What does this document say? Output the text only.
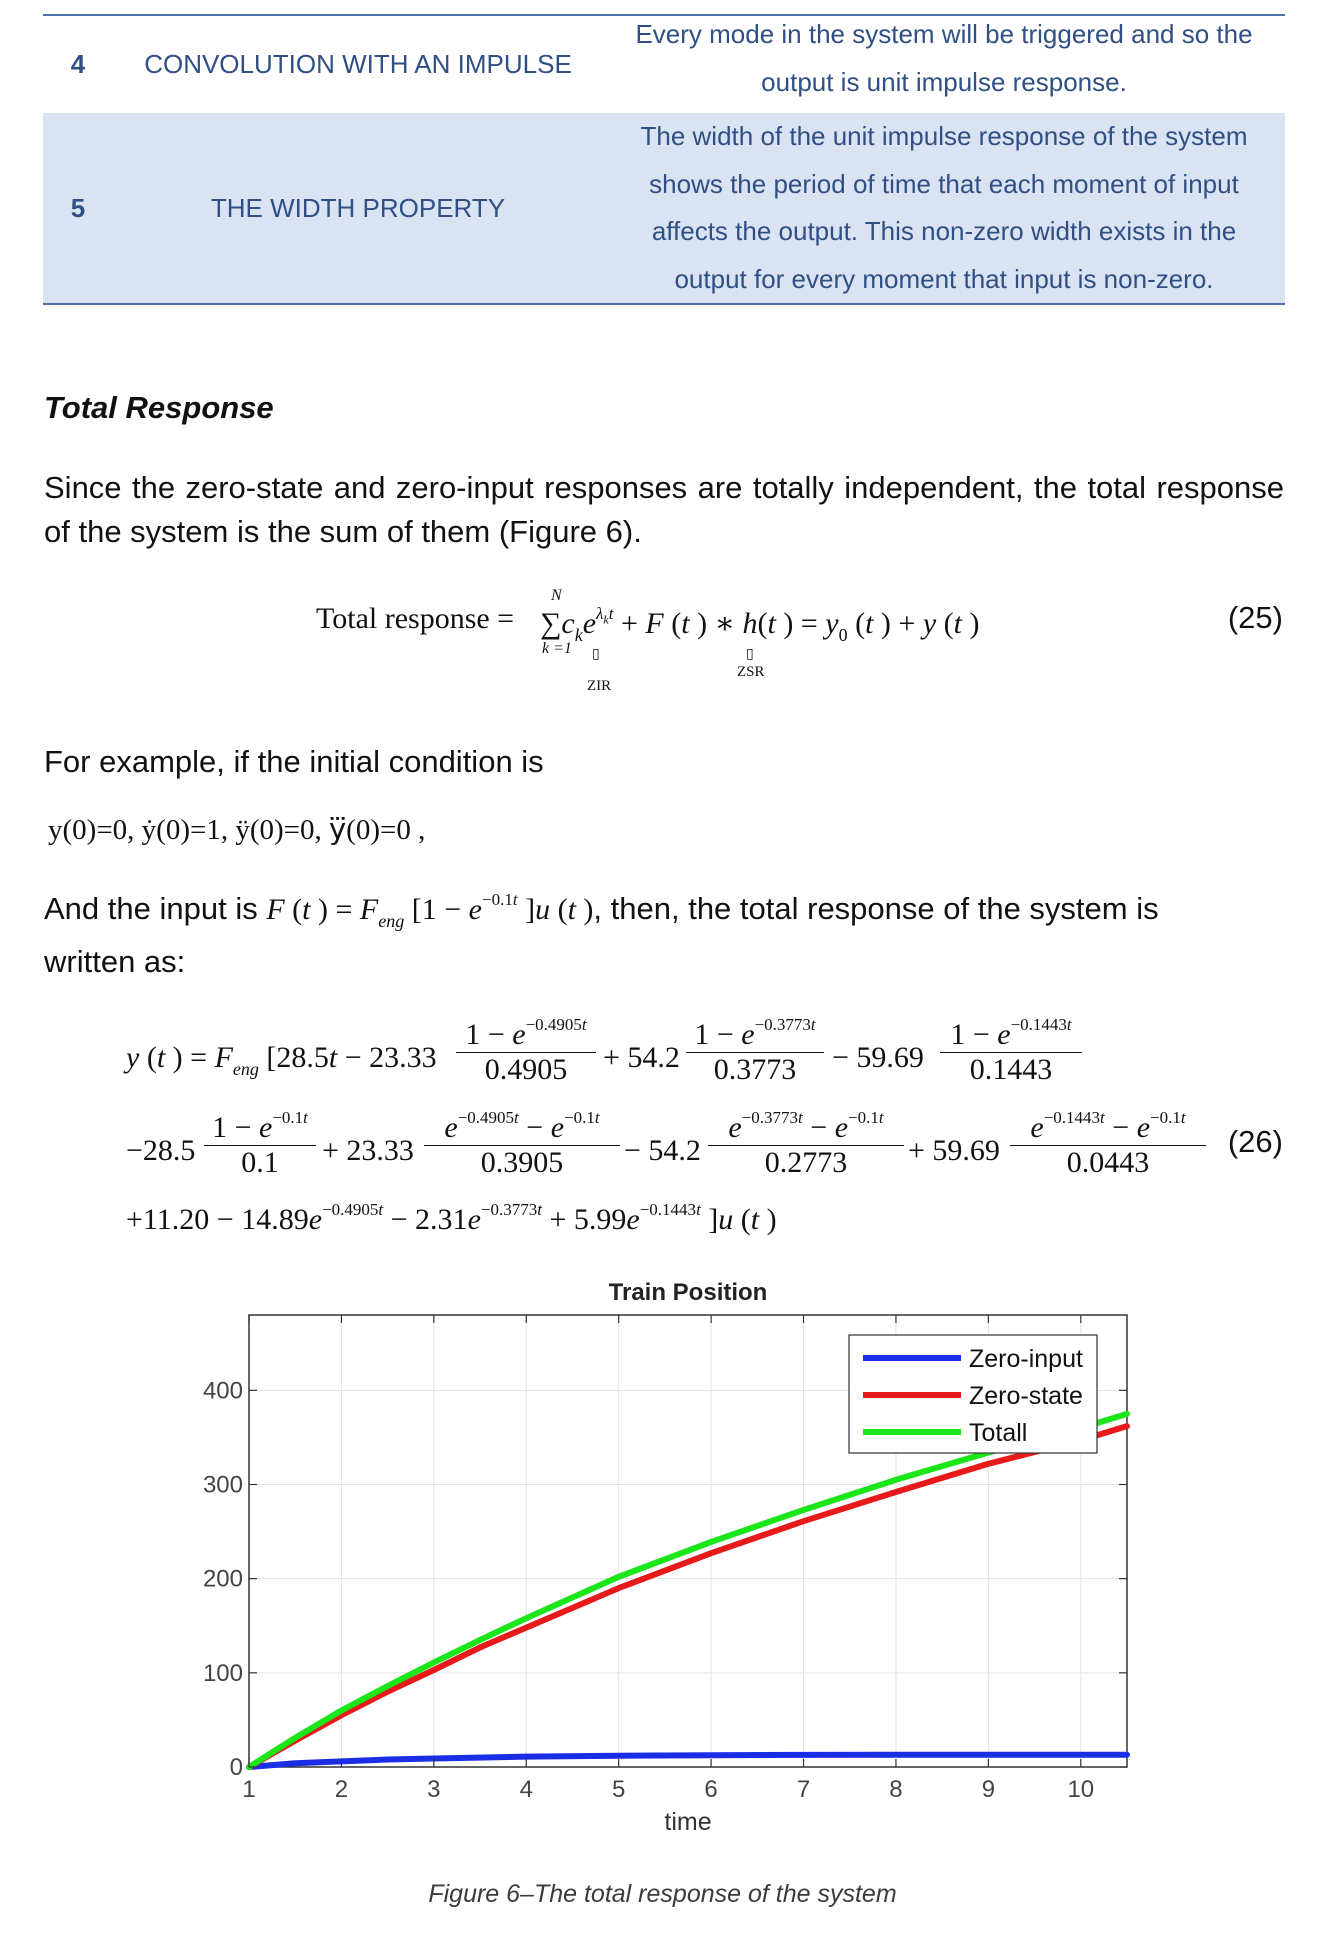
4	CONVOLUTION WITH AN IMPULSE
Every mode in the system will be triggered and so the
output is unit impulse response.
5	THE WIDTH PROPERTY
The width of the unit impulse response of the system
shows the period of time that each moment of input
affects the output. This non-zero width exists in the
output for every moment that input is non-zero.
Total Response
Since the zero-state and zero-input responses are totally independent, the total response of the system is the sum of them (Figure 6).
Total response =
N
k =1
$\sum c_ke^{\lambda_kt} + F$ (t ) ∗ h(t ) = $y_0$ (t ) + y (t )
▯
ZIR
▯
ZSR
(25)
For example, if the initial condition is
y(0)=0, ẏ(0)=1, ÿ(0)=0, y⃛(0)=0 ,
And the input is F (t ) = $F_{eng}$ [$1 - e^{-0.1t}$ ]u (t ), then, the total response of the system is
written as:
y (t ) = $F_{eng}$ [$28.5t - 23.33 \frac{1 - e^{-0.4905t}}{0.4905} + 54.2 \frac{1 - e^{-0.3773t}}{0.3773} - 59.69 \frac{1 - e^{-0.1443t}}{0.1443}$
$-28.5 \frac{1 - e^{-0.1t}}{0.1} + 23.33 \frac{e^{-0.4905t} - e^{-0.1t}}{0.3905} - 54.2 \frac{e^{-0.3773t} - e^{-0.1t}}{0.2773} + 59.69 \frac{e^{-0.1443t} - e^{-0.1t}}{0.0443}$
$+11.20 - 14.89e^{-0.4905t} - 2.31e^{-0.3773t} + 5.99e^{-0.1443t}$ ]u (t )
(26)
Train Position
1	2	3	4	5	6	7	8	9	10
0
100
200
300
400
time
Zero-input
Zero-state
Totall
Figure 6–The total response of the system
